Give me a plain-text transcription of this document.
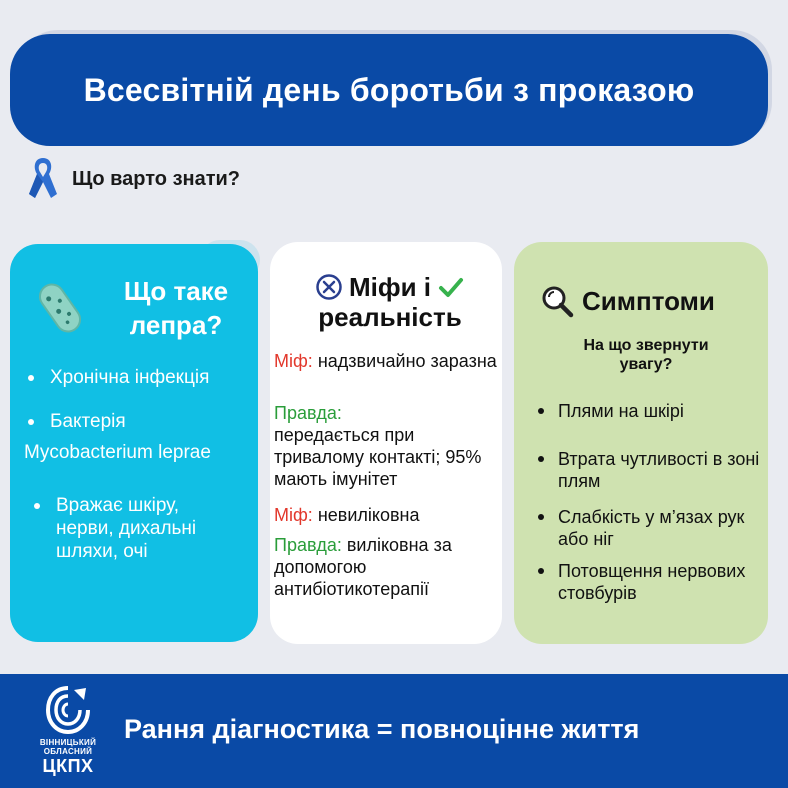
Всесвітній день боротьби з проказою
Що варто знати?
Що таке лепра?
Хронічна інфекція
Бактерія
Mycobacterium leprae
Вражає шкіру, нерви, дихальні шляхи, очі
Міфи і
реальність
Міф: надзвичайно заразна
Правда:
передається при тривалому контакті; 95% мають імунітет
Міф: невиліковна
Правда: виліковна за допомогою антибіотикотерапії
Симптоми
На що звернути увагу?
Плями на шкірі
Втрата чутливості в зоні плям
Слабкість у м’язах рук або ніг
Потовщення нервових стовбурів
ВІННИЦЬКИЙ
ОБЛАСНИЙ
ЦКПХ
Рання діагностика = повноцінне життя
